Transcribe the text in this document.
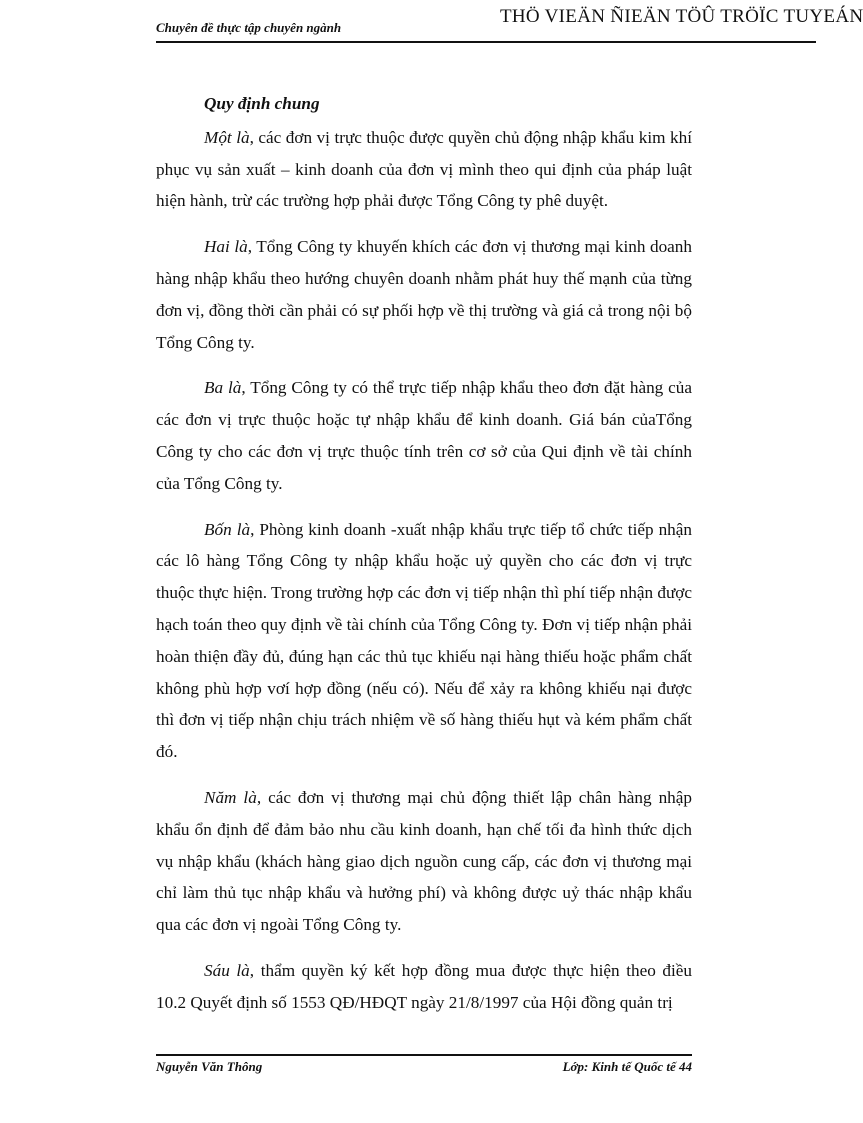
Chuyên đề thực tập chuyên ngành
THÖ VIEÄN ÑIEÄN TÖÛ TRÖÏC TUYEÁN

Quy định chung

Một là, các đơn vị trực thuộc được quyền chủ động nhập khẩu kim khí phục vụ sản xuất – kinh doanh của đơn vị mình theo qui định của pháp luật hiện hành, trừ các trường hợp phải được Tổng Công ty phê duyệt.

Hai là, Tổng Công ty khuyến khích các đơn vị thương mại kinh doanh hàng nhập khẩu theo hướng chuyên doanh nhằm phát huy thế mạnh của từng đơn vị, đồng thời cần phải có sự phối hợp về thị trường và giá cả trong nội bộ Tổng Công ty.

Ba là, Tổng Công ty có thể trực tiếp nhập khẩu theo đơn đặt hàng của các đơn vị trực thuộc hoặc tự nhập khẩu để kinh doanh. Giá bán củaTổng Công ty cho các đơn vị trực thuộc tính trên cơ sở của Qui định về tài chính của Tổng Công ty.

Bốn là, Phòng kinh doanh -xuất nhập khẩu trực tiếp tổ chức tiếp nhận các lô hàng Tổng Công ty nhập khẩu hoặc uỷ quyền cho các đơn vị trực thuộc thực hiện. Trong trường hợp các đơn vị tiếp nhận thì phí tiếp nhận được hạch toán theo quy định về tài chính của Tổng Công ty. Đơn vị tiếp nhận phải hoàn thiện đầy đủ, đúng hạn các thủ tục khiếu nại hàng thiếu hoặc phẩm chất không phù hợp vơí hợp đồng (nếu có). Nếu để xảy ra không khiếu nại được thì đơn vị tiếp nhận chịu trách nhiệm về số hàng thiếu hụt và kém phẩm chất đó.

Năm là, các đơn vị thương mại chủ động thiết lập chân hàng nhập khẩu ổn định để đảm bảo nhu cầu kinh doanh, hạn chế tối đa hình thức dịch vụ nhập khẩu (khách hàng giao dịch nguồn cung cấp, các đơn vị thương mại chỉ làm thủ tục nhập khẩu và hưởng phí) và không được uỷ thác nhập khẩu qua các đơn vị ngoài Tổng Công ty.

Sáu là, thẩm quyền ký kết hợp đồng mua được thực hiện theo điều 10.2 Quyết định số 1553 QĐ/HĐQT ngày 21/8/1997 của Hội đồng quản trị

Nguyễn Văn Thông	Lớp: Kinh tế Quốc tế 44
